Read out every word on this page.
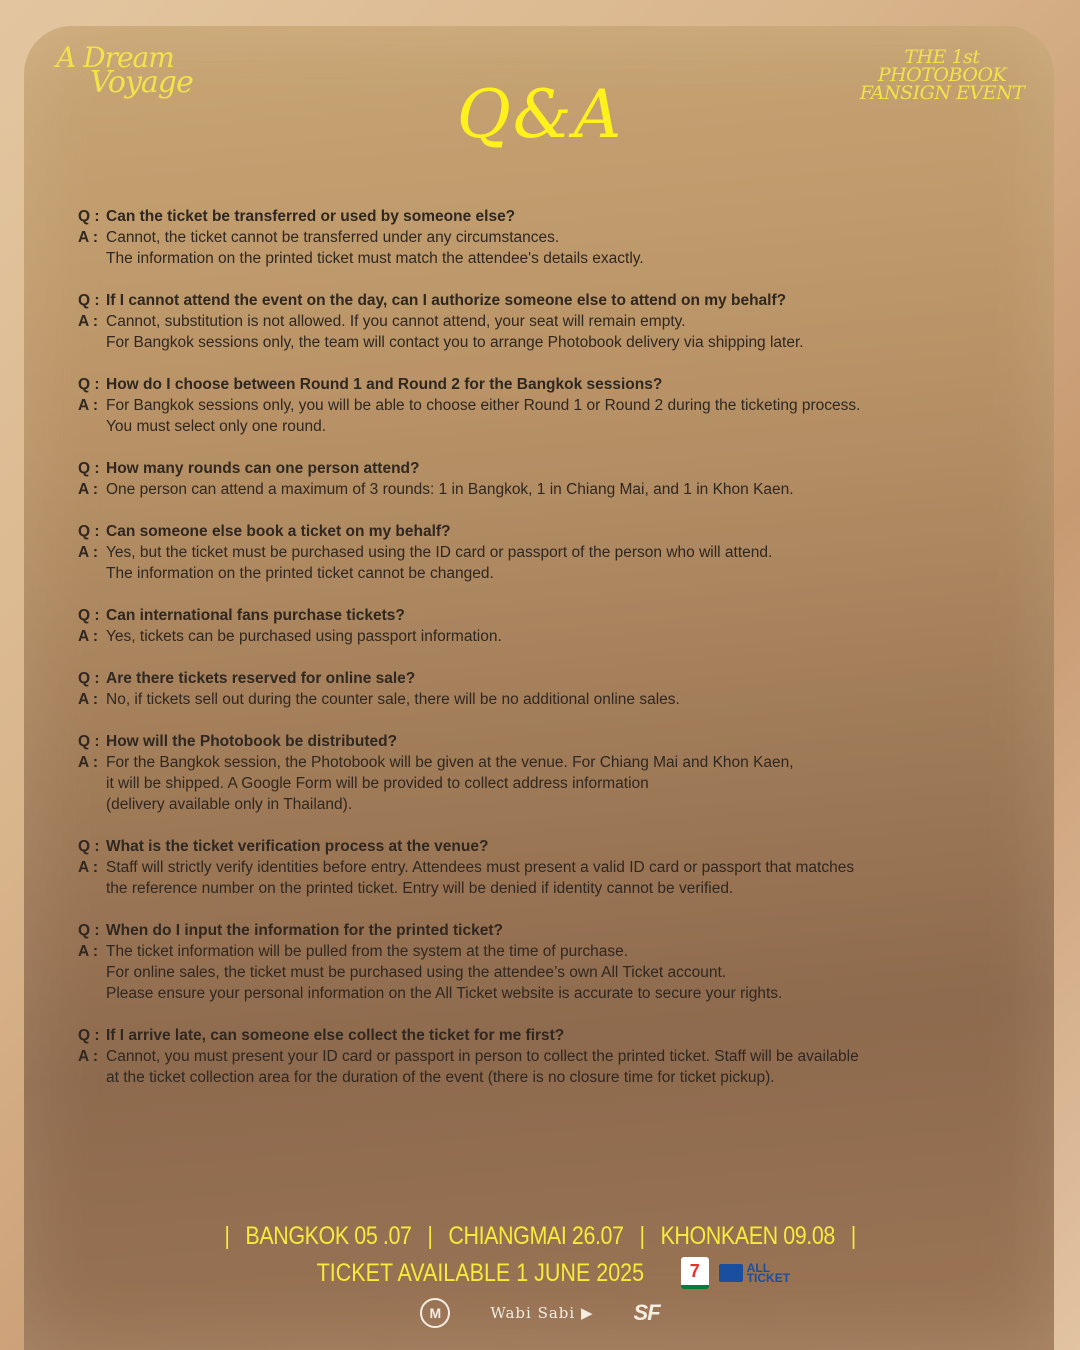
A Dream
Voyage
THE 1st
PHOTOBOOK
FANSIGN EVENT
Q&A
Q : Can the ticket be transferred or used by someone else?
A : Cannot, the ticket cannot be transferred under any circumstances.
The information on the printed ticket must match the attendee's details exactly.
Q : If I cannot attend the event on the day, can I authorize someone else to attend on my behalf?
A : Cannot, substitution is not allowed. If you cannot attend, your seat will remain empty.
For Bangkok sessions only, the team will contact you to arrange Photobook delivery via shipping later.
Q : How do I choose between Round 1 and Round 2 for the Bangkok sessions?
A : For Bangkok sessions only, you will be able to choose either Round 1 or Round 2 during the ticketing process.
You must select only one round.
Q : How many rounds can one person attend?
A : One person can attend a maximum of 3 rounds: 1 in Bangkok, 1 in Chiang Mai, and 1 in Khon Kaen.
Q : Can someone else book a ticket on my behalf?
A : Yes, but the ticket must be purchased using the ID card or passport of the person who will attend.
The information on the printed ticket cannot be changed.
Q : Can international fans purchase tickets?
A : Yes, tickets can be purchased using passport information.
Q : Are there tickets reserved for online sale?
A : No, if tickets sell out during the counter sale, there will be no additional online sales.
Q : How will the Photobook be distributed?
A : For the Bangkok session, the Photobook will be given at the venue. For Chiang Mai and Khon Kaen,
it will be shipped. A Google Form will be provided to collect address information
(delivery available only in Thailand).
Q : What is the ticket verification process at the venue?
A : Staff will strictly verify identities before entry. Attendees must present a valid ID card or passport that matches
the reference number on the printed ticket. Entry will be denied if identity cannot be verified.
Q : When do I input the information for the printed ticket?
A : The ticket information will be pulled from the system at the time of purchase.
For online sales, the ticket must be purchased using the attendee’s own All Ticket account.
Please ensure your personal information on the All Ticket website is accurate to secure your rights.
Q : If I arrive late, can someone else collect the ticket for me first?
A : Cannot, you must present your ID card or passport in person to collect the printed ticket. Staff will be available
at the ticket collection area for the duration of the event (there is no closure time for ticket pickup).
| BANGKOK 05 .07 | CHIANGMAI 26.07 | KHONKAEN 09.08 |
TICKET AVAILABLE 1 JUNE 2025	7	ALL
TICKET
M	Wabi Sabi ▶ SF
